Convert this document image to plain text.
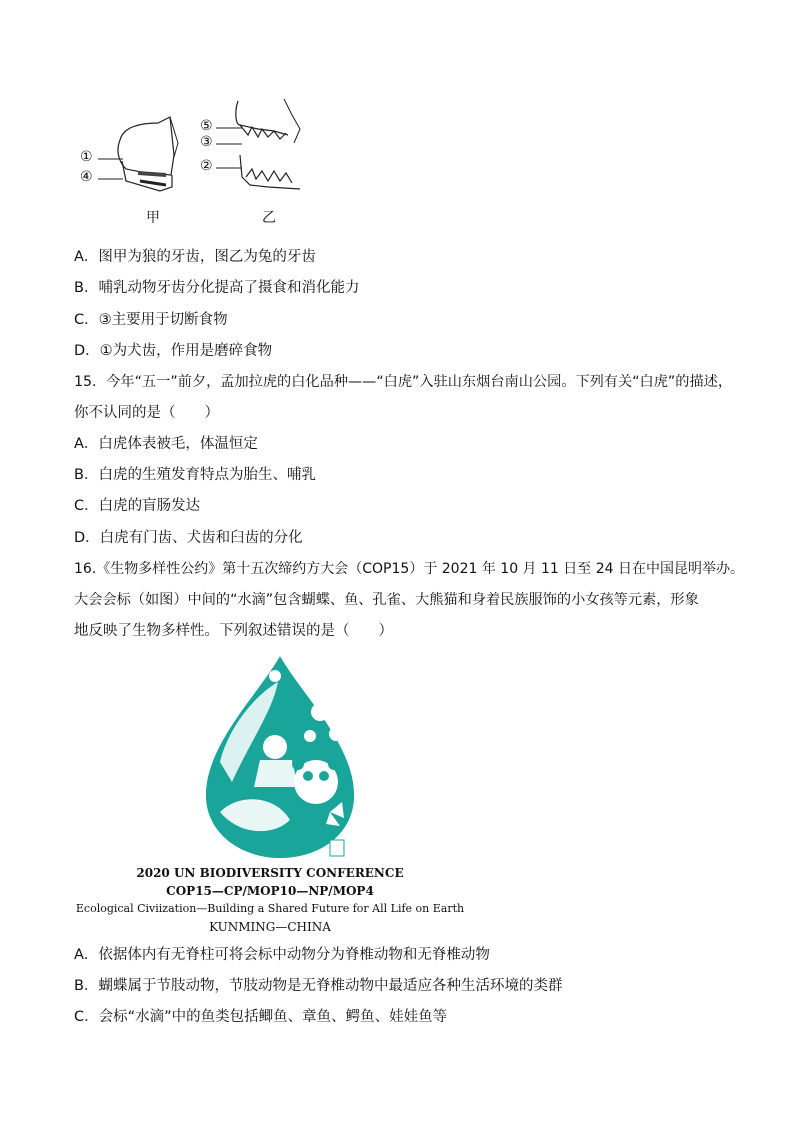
①
④
⑤
③
②
甲	乙
A．图甲为狼的牙齿，图乙为兔的牙齿
B．哺乳动物牙齿分化提高了摄食和消化能力
C．③主要用于切断食物
D．①为犬齿，作用是磨碎食物
15．今年“五一”前夕，孟加拉虎的白化品种——“白虎”入驻山东烟台南山公园。下列有关“白虎”的描述，
你不认同的是（　　）
A．白虎体表被毛，体温恒定
B．白虎的生殖发育特点为胎生、哺乳
C．白虎的盲肠发达
D．白虎有门齿、犬齿和臼齿的分化
16.《生物多样性公约》第十五次缔约方大会（COP15）于 2021 年 10 月 11 日至 24 日在中国昆明举办。
大会会标（如图）中间的“水滴”包含蝴蝶、鱼、孔雀、大熊猫和身着民族服饰的小女孩等元素，形象
地反映了生物多样性。下列叙述错误的是（　　）
2020 UN BIODIVERSITY CONFERENCE
COP15—CP/MOP10—NP/MOP4
Ecological Civiization—Building a Shared Future for All Life on Earth
KUNMING—CHINA
A．依据体内有无脊柱可将会标中动物分为脊椎动物和无脊椎动物
B．蝴蝶属于节肢动物，节肢动物是无脊椎动物中最适应各种生活环境的类群
C．会标“水滴”中的鱼类包括鲫鱼、章鱼、鳄鱼、娃娃鱼等
